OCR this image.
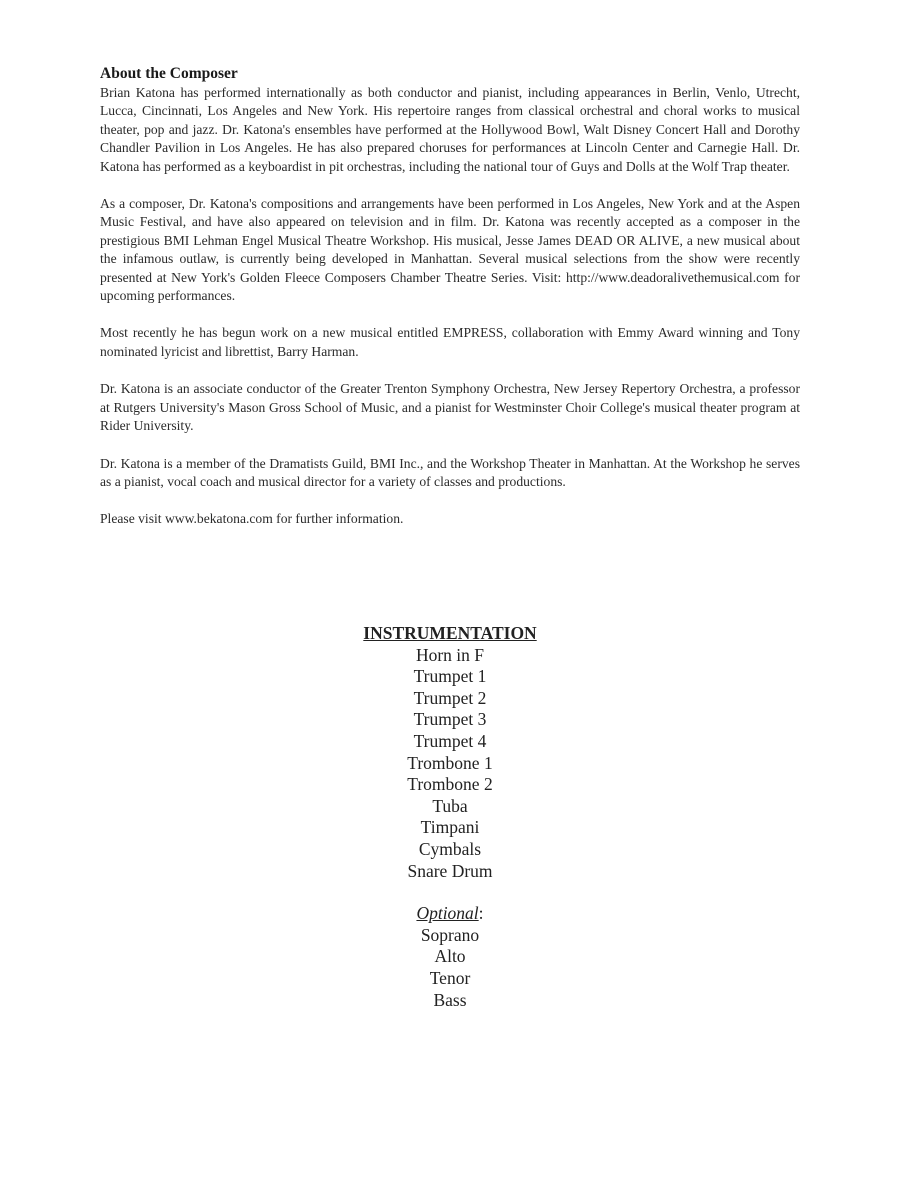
About the Composer

Brian Katona has performed internationally as both conductor and pianist, including appearances in Berlin, Venlo, Utrecht, Lucca, Cincinnati, Los Angeles and New York. His repertoire ranges from classical orchestral and choral works to musical theater, pop and jazz. Dr. Katona's ensembles have performed at the Hollywood Bowl, Walt Disney Concert Hall and Dorothy Chandler Pavilion in Los Angeles. He has also prepared choruses for performances at Lincoln Center and Carnegie Hall. Dr. Katona has performed as a keyboardist in pit orchestras, including the national tour of Guys and Dolls at the Wolf Trap theater.

As a composer, Dr. Katona's compositions and arrangements have been performed in Los Angeles, New York and at the Aspen Music Festival, and have also appeared on television and in film. Dr. Katona was recently accepted as a composer in the prestigious BMI Lehman Engel Musical Theatre Workshop. His musical, Jesse James DEAD OR ALIVE, a new musical about the infamous outlaw, is currently being developed in Manhattan. Several musical selections from the show were recently presented at New York's Golden Fleece Composers Chamber Theatre Series. Visit: http://www.deadoralivethemusical.com for upcoming performances.

Most recently he has begun work on a new musical entitled EMPRESS, collaboration with Emmy Award winning and Tony nominated lyricist and librettist, Barry Harman.

Dr. Katona is an associate conductor of the Greater Trenton Symphony Orchestra, New Jersey Repertory Orchestra, a professor at Rutgers University's Mason Gross School of Music, and a pianist for Westminster Choir College's musical theater program at Rider University.

Dr. Katona is a member of the Dramatists Guild, BMI Inc., and the Workshop Theater in Manhattan. At the Workshop he serves as a pianist, vocal coach and musical director for a variety of classes and productions.

Please visit www.bekatona.com for further information.

INSTRUMENTATION
Horn in F
Trumpet 1
Trumpet 2
Trumpet 3
Trumpet 4
Trombone 1
Trombone 2
Tuba
Timpani
Cymbals
Snare Drum
Optional:
Soprano
Alto
Tenor
Bass
